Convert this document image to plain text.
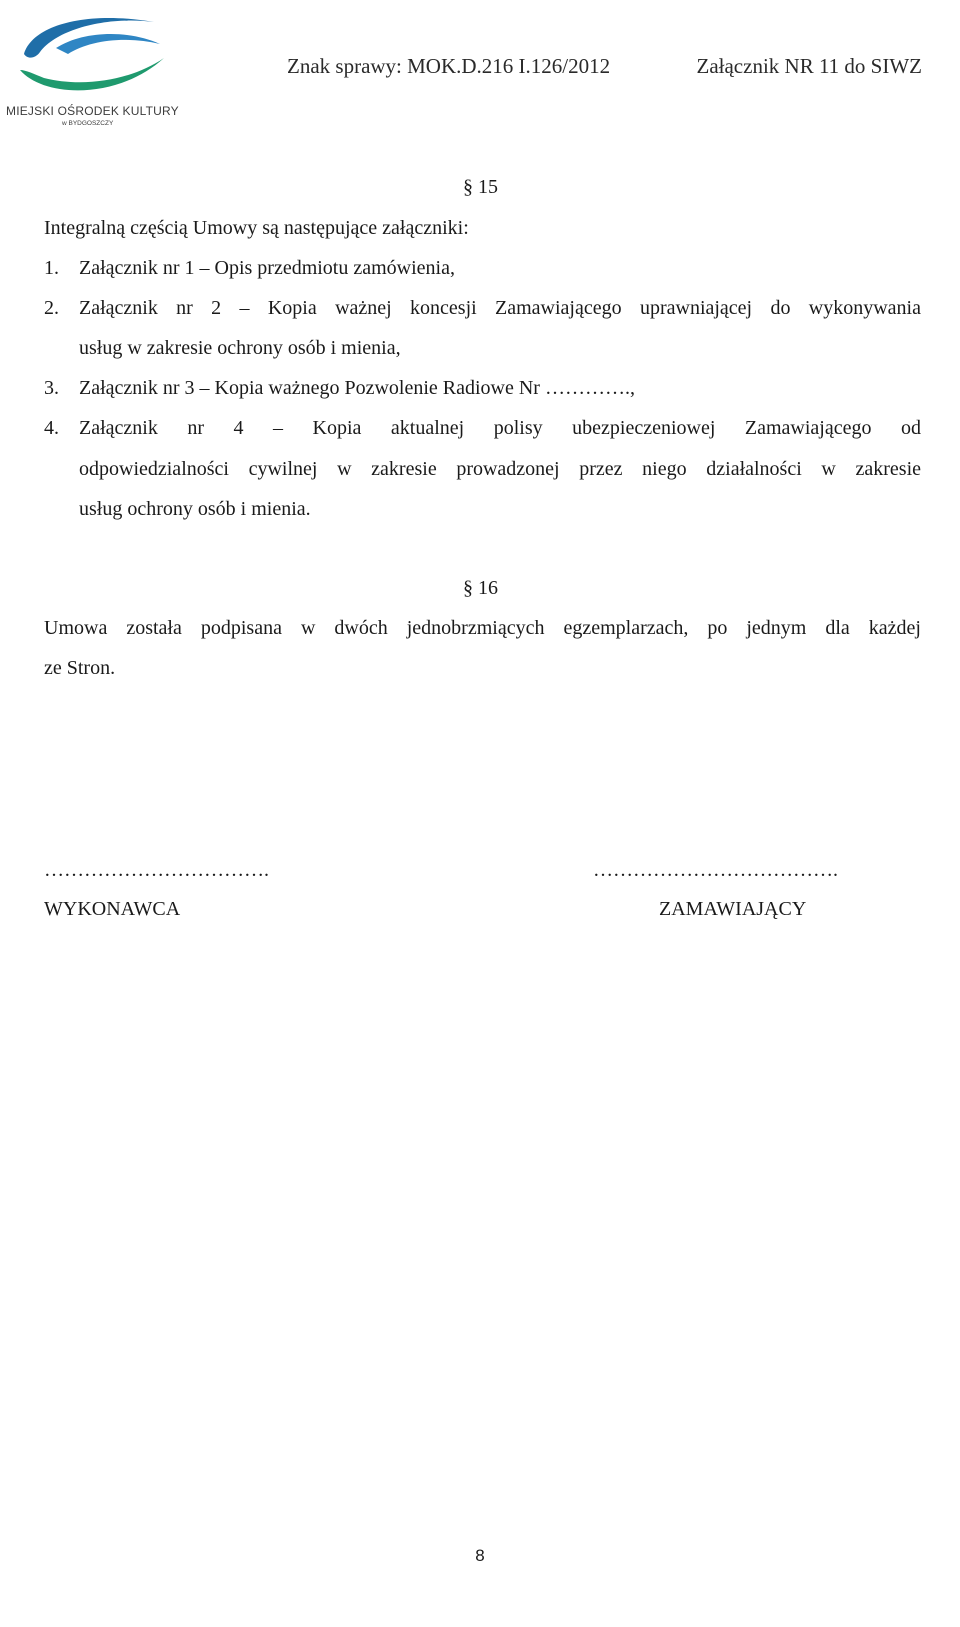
MIEJSKI OŚRODEK KULTURY
w BYDGOSZCZY
Znak sprawy: MOK.D.216 I.126/2012	Załącznik NR 11 do SIWZ
§ 15
Integralną częścią Umowy są następujące załączniki:
1. Załącznik nr 1 – Opis przedmiotu zamówienia,
2. Załącznik nr 2 – Kopia ważnej koncesji Zamawiającego uprawniającej do wykonywania
usług w zakresie ochrony osób i mienia,
3. Załącznik nr 3 – Kopia ważnego Pozwolenie Radiowe Nr ………….,
4. Załącznik nr 4 – Kopia aktualnej polisy ubezpieczeniowej Zamawiającego od
odpowiedzialności cywilnej w zakresie prowadzonej przez niego działalności w zakresie
usług ochrony osób i mienia.
§ 16
Umowa została podpisana w dwóch jednobrzmiących egzemplarzach, po jednym dla każdej
ze Stron.
…………………………….
WYKONAWCA
……………………………….
ZAMAWIAJĄCY
8
